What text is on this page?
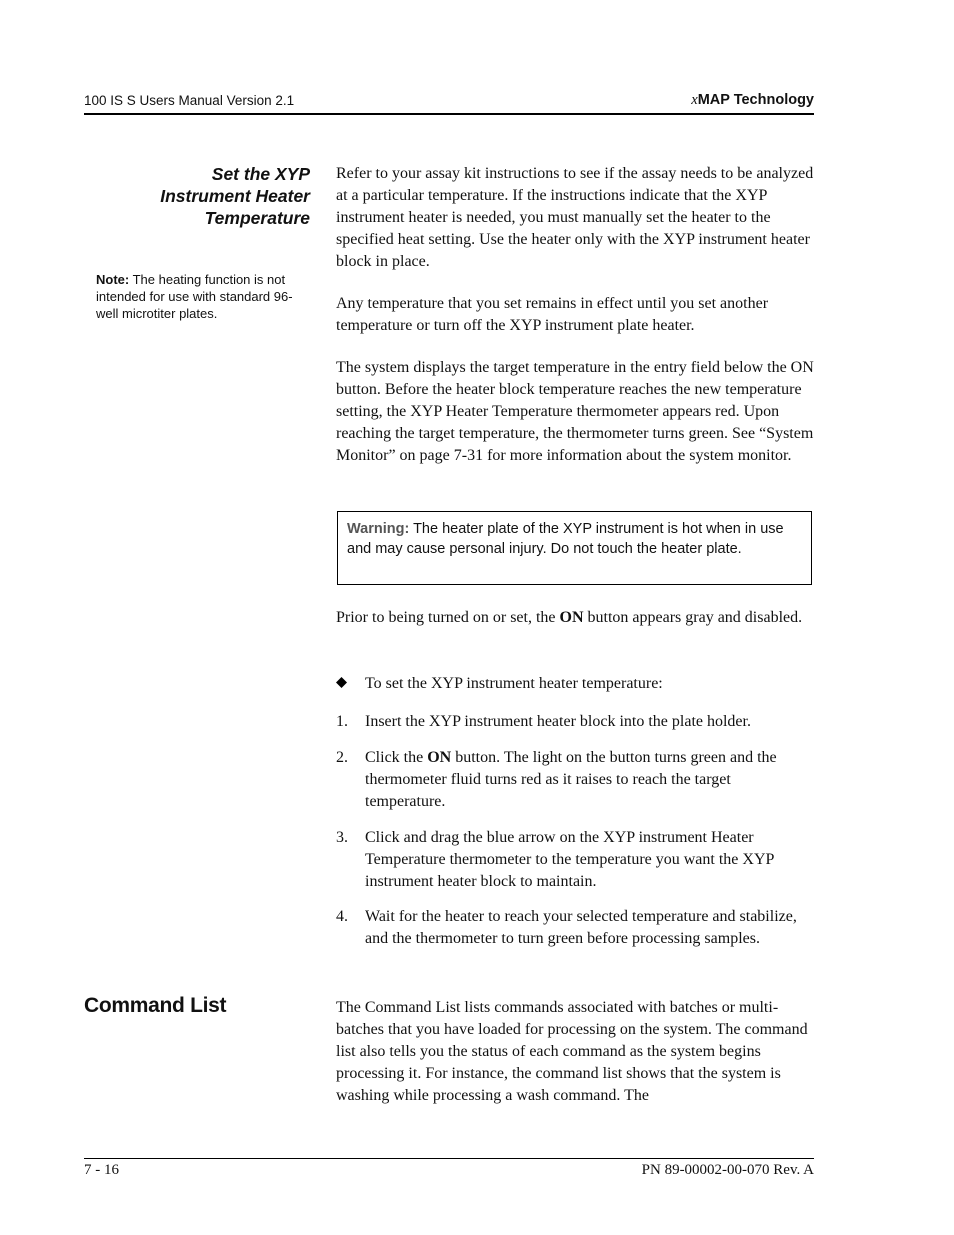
100 IS S Users Manual Version 2.1	xMAP Technology
Set the XYP
Instrument Heater
Temperature
Note: The heating function is not intended for use with standard 96-well microtiter plates.

Refer to your assay kit instructions to see if the assay needs to be analyzed at a particular temperature. If the instructions indicate that the XYP instrument heater is needed, you must manually set the heater to the specified heat setting. Use the heater only with the XYP instrument heater block in place.

Any temperature that you set remains in effect until you set another temperature or turn off the XYP instrument plate heater.

The system displays the target temperature in the entry field below the ON button. Before the heater block temperature reaches the new temperature setting, the XYP Heater Temperature thermometer appears red. Upon reaching the target temperature, the thermometer turns green. See “System Monitor” on page 7-31 for more information about the system monitor.

Warning: The heater plate of the XYP instrument is hot when in use and may cause personal injury. Do not touch the heater plate.

Prior to being turned on or set, the ON button appears gray and disabled.

To set the XYP instrument heater temperature:
1. Insert the XYP instrument heater block into the plate holder.
2. Click the ON button. The light on the button turns green and the thermometer fluid turns red as it raises to reach the target temperature.
3. Click and drag the blue arrow on the XYP instrument Heater Temperature thermometer to the temperature you want the XYP instrument heater block to maintain.
4. Wait for the heater to reach your selected temperature and stabilize, and the thermometer to turn green before processing samples.
Command List	The Command List lists commands associated with batches or multi-batches that you have loaded for processing on the system. The command list also tells you the status of each command as the system begins processing it. For instance, the command list shows that the system is washing while processing a wash command. The

7 - 16	PN 89-00002-00-070 Rev. A
